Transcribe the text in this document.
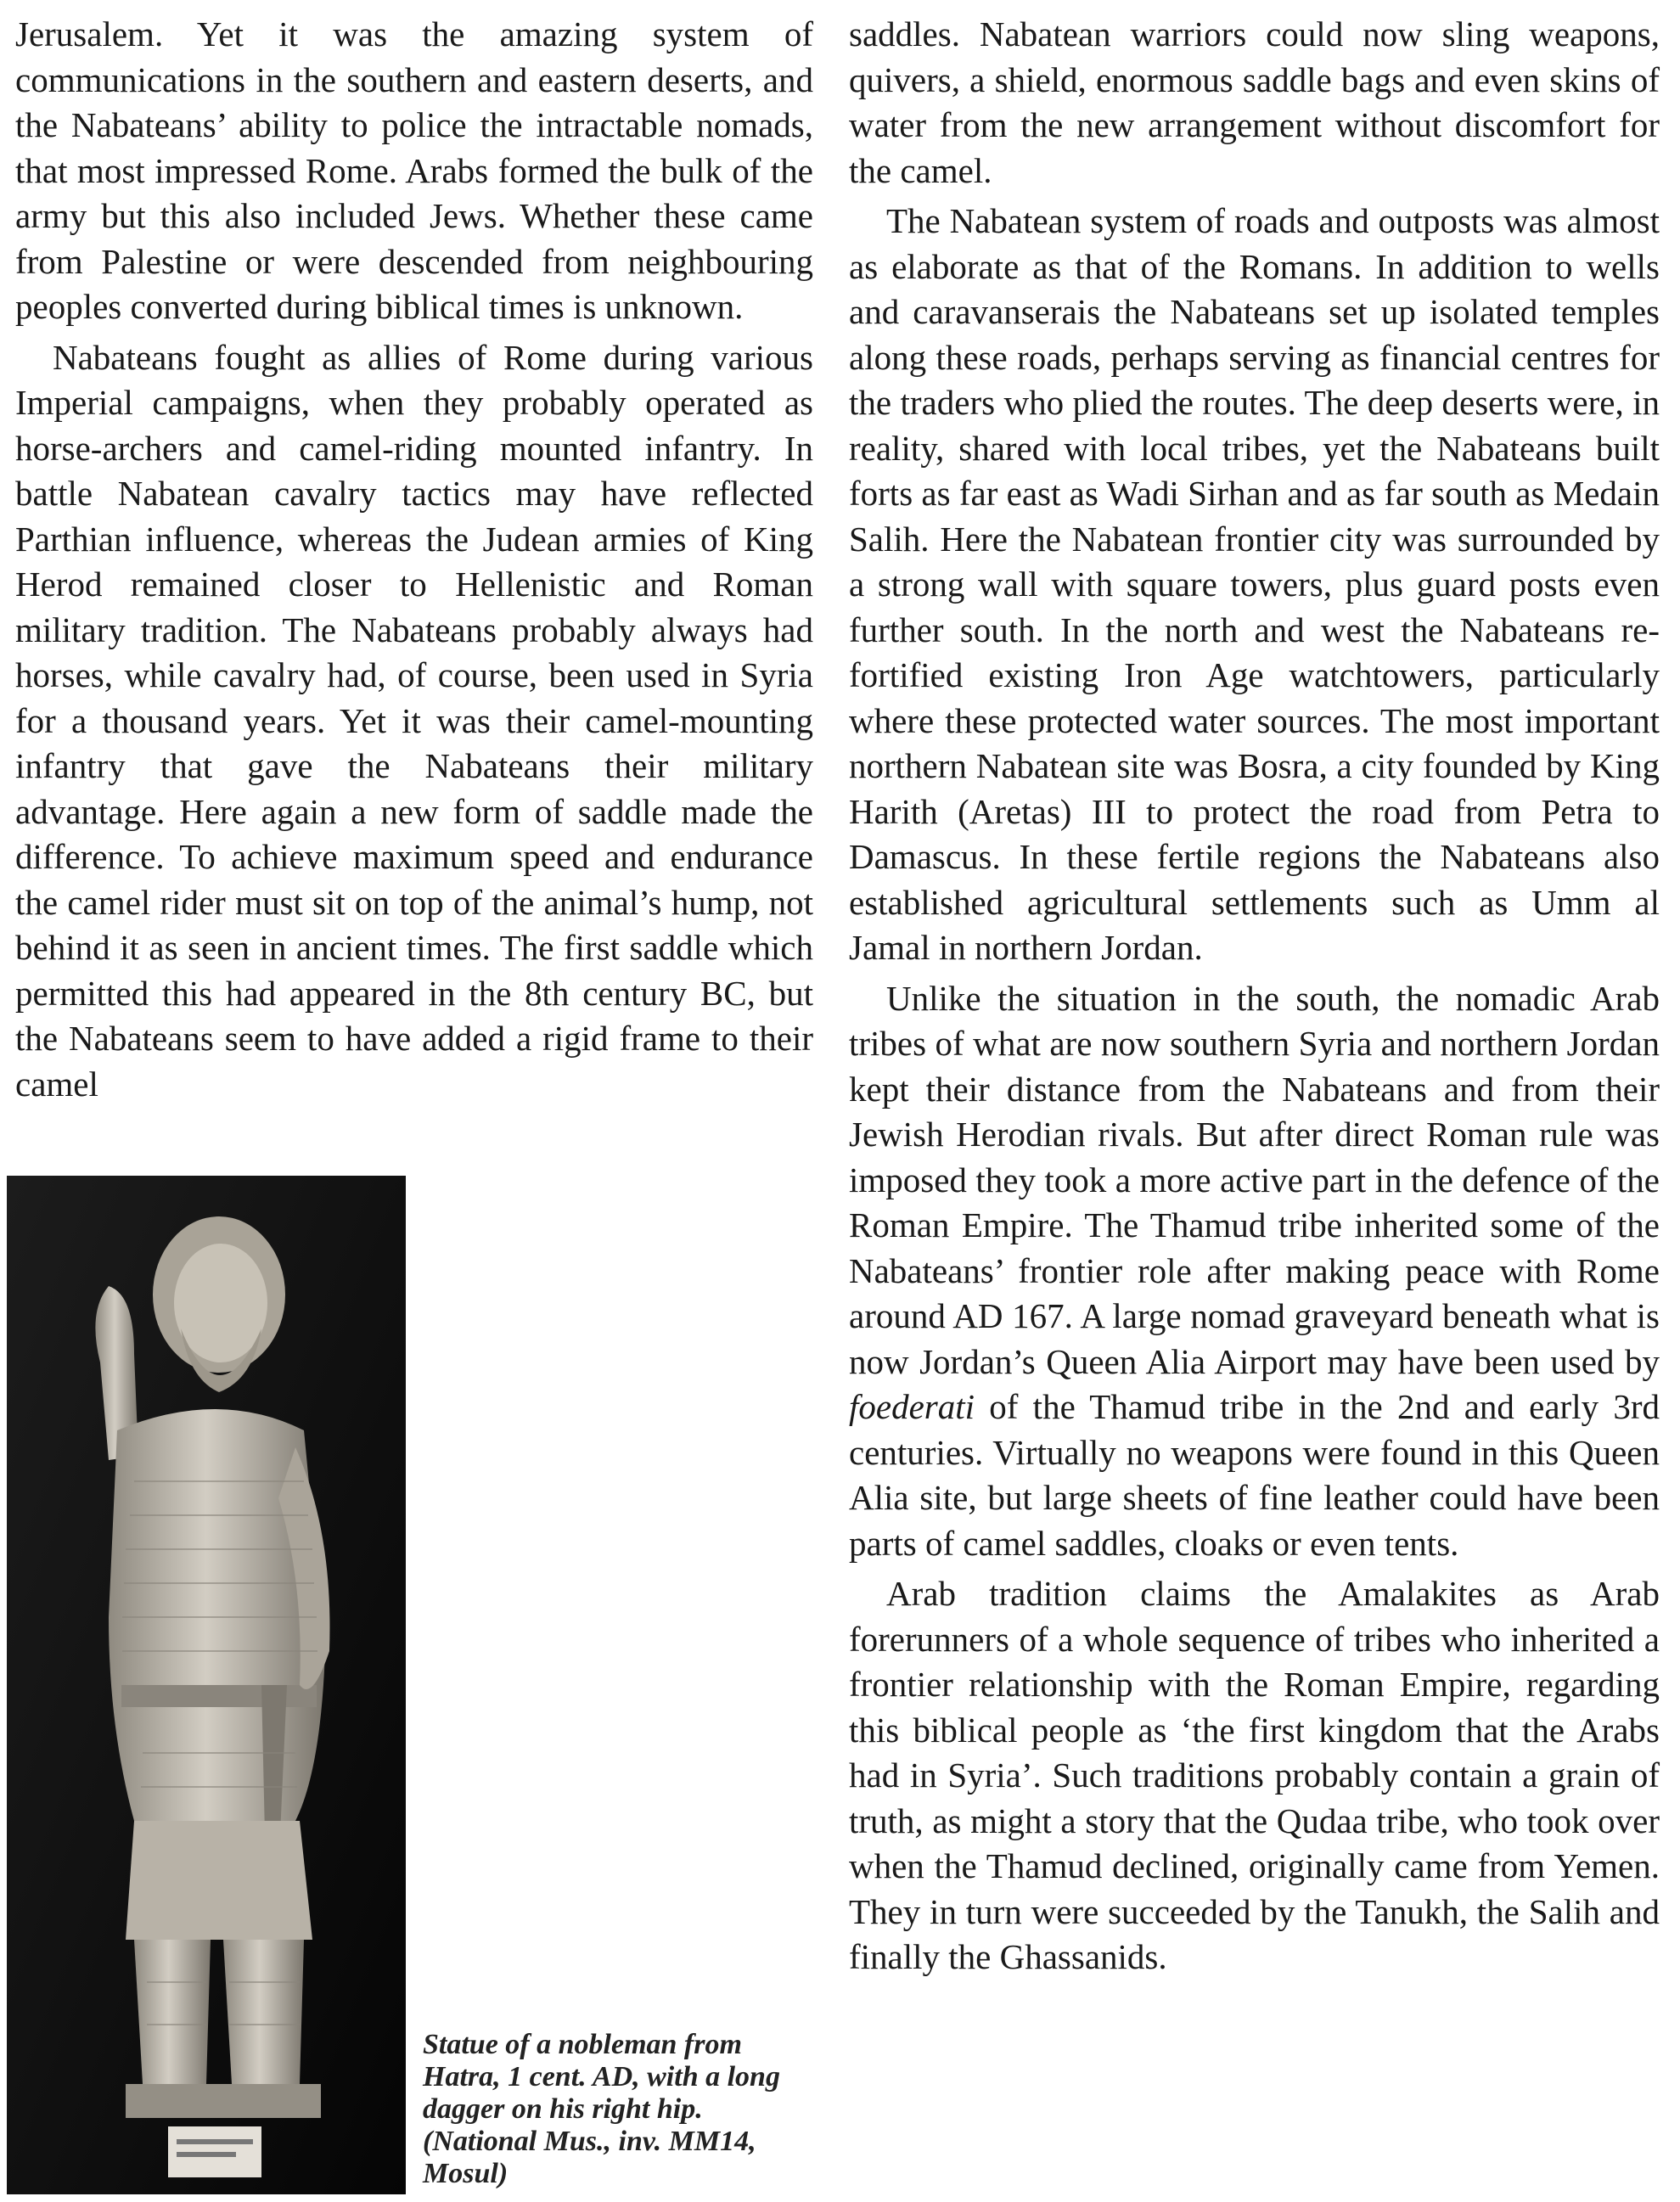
Jerusalem. Yet it was the amazing system of communications in the southern and eastern deserts, and the Nabateans’ ability to police the intractable nomads, that most impressed Rome. Arabs formed the bulk of the army but this also included Jews. Whether these came from Palestine or were descended from neighbouring peoples converted during biblical times is unknown.

Nabateans fought as allies of Rome during various Imperial campaigns, when they probably operated as horse-archers and camel-riding mounted infantry. In battle Nabatean cavalry tactics may have reflected Parthian influence, whereas the Judean armies of King Herod remained closer to Hellenistic and Roman military tradition. The Nabateans probably always had horses, while cavalry had, of course, been used in Syria for a thousand years. Yet it was their camel-mounting infantry that gave the Nabateans their military advantage. Here again a new form of saddle made the difference. To achieve maximum speed and endurance the camel rider must sit on top of the animal’s hump, not behind it as seen in ancient times. The first saddle which permitted this had appeared in the 8th century BC, but the Nabateans seem to have added a rigid frame to their camel

saddles. Nabatean warriors could now sling weapons, quivers, a shield, enormous saddle bags and even skins of water from the new arrangement without discomfort for the camel.

The Nabatean system of roads and outposts was almost as elaborate as that of the Romans. In addition to wells and caravanserais the Nabateans set up isolated temples along these roads, perhaps serving as financial centres for the traders who plied the routes. The deep deserts were, in reality, shared with local tribes, yet the Nabateans built forts as far east as Wadi Sirhan and as far south as Medain Salih. Here the Nabatean frontier city was surrounded by a strong wall with square towers, plus guard posts even further south. In the north and west the Nabateans re-fortified existing Iron Age watchtowers, particularly where these protected water sources. The most important northern Nabatean site was Bosra, a city founded by King Harith (Aretas) III to protect the road from Petra to Damascus. In these fertile regions the Nabateans also established agricultural settlements such as Umm al Jamal in northern Jordan.

Unlike the situation in the south, the nomadic Arab tribes of what are now southern Syria and northern Jordan kept their distance from the Nabateans and from their Jewish Herodian rivals. But after direct Roman rule was imposed they took a more active part in the defence of the Roman Empire. The Thamud tribe inherited some of the Nabateans’ frontier role after making peace with Rome around AD 167. A large nomad graveyard beneath what is now Jordan’s Queen Alia Airport may have been used by foederati of the Thamud tribe in the 2nd and early 3rd centuries. Virtually no weapons were found in this Queen Alia site, but large sheets of fine leather could have been parts of camel saddles, cloaks or even tents.

Arab tradition claims the Amalakites as Arab forerunners of a whole sequence of tribes who inherited a frontier relationship with the Roman Empire, regarding this biblical people as ‘the first kingdom that the Arabs had in Syria’. Such traditions probably contain a grain of truth, as might a story that the Qudaa tribe, who took over when the Thamud declined, originally came from Yemen. They in turn were succeeded by the Tanukh, the Salih and finally the Ghassanids.

Statue of a nobleman from Hatra, 1 cent. AD, with a long dagger on his right hip. (National Mus., inv. MM14, Mosul)
